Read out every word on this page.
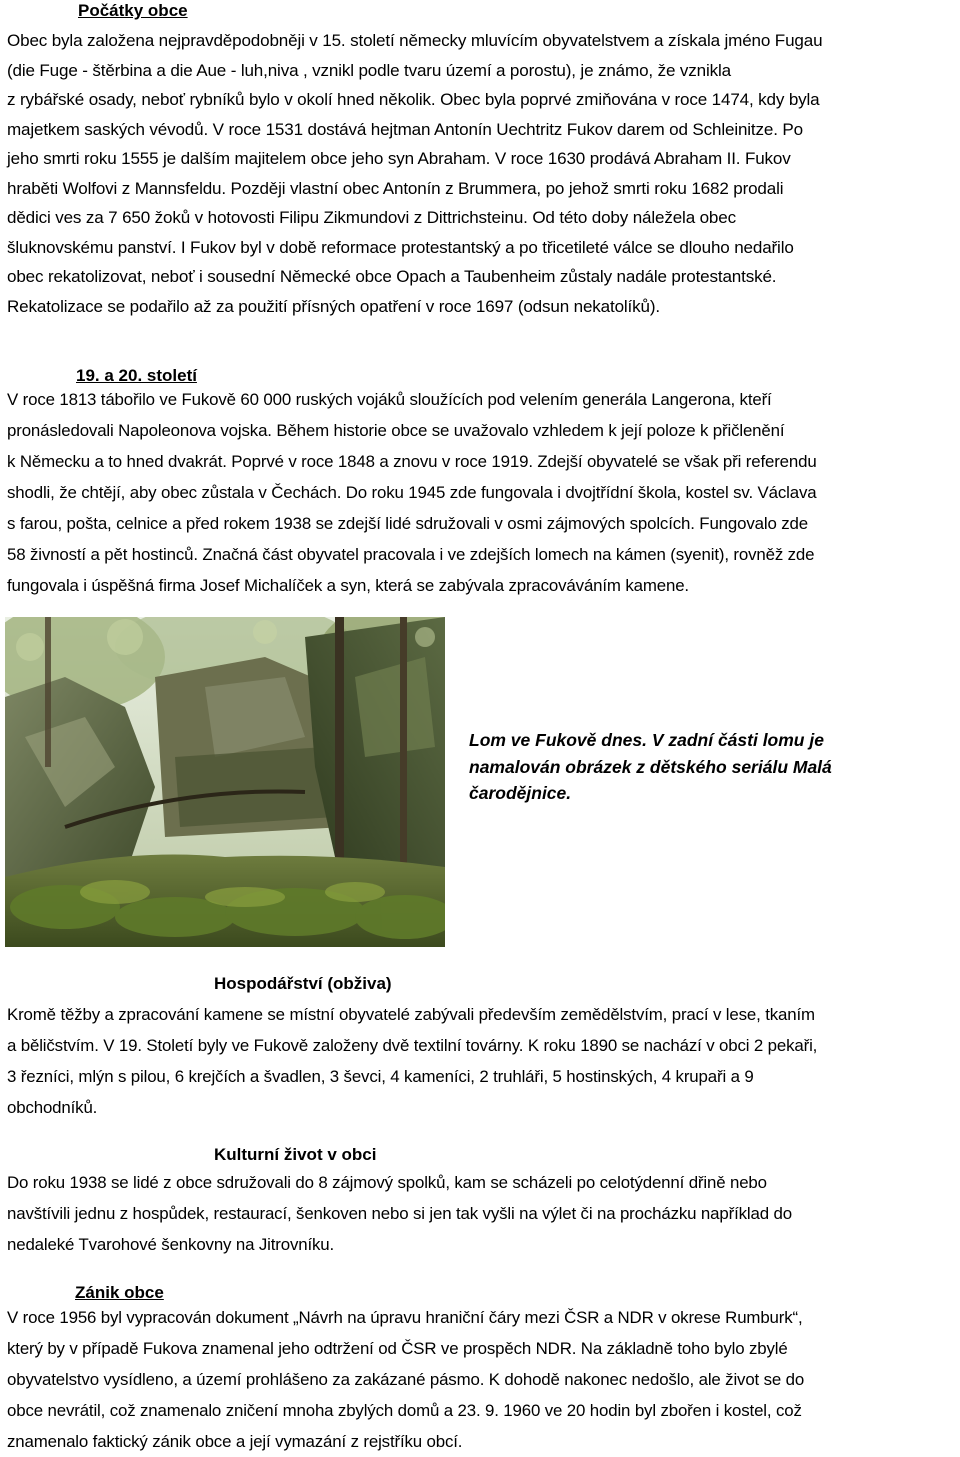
Počátky obce
Obec byla založena nejpravděpodobněji v 15. století německy mluvícím obyvatelstvem a získala jméno Fugau
(die Fuge - štěrbina a die Aue - luh,niva , vznikl podle tvaru území a porostu), je známo, že vznikla
z rybářské osady, neboť rybníků bylo v okolí hned několik. Obec byla poprvé zmiňována v roce 1474, kdy byla
majetkem saských vévodů. V roce 1531 dostává hejtman Antonín Uechtritz Fukov darem od Schleinitze. Po
jeho smrti roku 1555 je dalším majitelem obce jeho syn Abraham. V roce 1630 prodává Abraham II. Fukov
hraběti Wolfovi z Mannsfeldu. Později vlastní obec Antonín z Brummera, po jehož smrti roku 1682 prodali
dědici ves za 7 650 žoků v hotovosti Filipu Zikmundovi z Dittrichsteinu. Od této doby náležela obec
šluknovskému panství. I Fukov byl v době reformace protestantský a po třicetileté válce se dlouho nedařilo
obec rekatolizovat, neboť i sousední Německé obce Opach a Taubenheim zůstaly nadále protestantské.
Rekatolizace se podařilo až za použití přísných opatření v roce 1697 (odsun nekatolíků).
19. a 20. století
V roce 1813 tábořilo ve Fukově 60 000 ruských vojáků sloužících pod velením generála Langerona, kteří
pronásledovali Napoleonova vojska. Během historie obce se uvažovalo vzhledem k její poloze k přičlenění
k Německu a to hned dvakrát. Poprvé v roce 1848 a znovu v roce 1919. Zdejší obyvatelé se však při referendu
shodli, že chtějí, aby obec zůstala v Čechách. Do roku 1945 zde fungovala i dvojtřídní škola, kostel sv. Václava
s farou, pošta, celnice a před rokem 1938 se zdejší lidé sdružovali v osmi zájmových spolcích. Fungovalo zde
58 živností a pět hostinců. Značná část obyvatel pracovala i ve zdejších lomech na kámen (syenit), rovněž zde
fungovala i úspěšná firma Josef Michalíček a syn, která se zabývala zpracováváním kamene.
Lom ve Fukově dnes. V zadní části lomu je
namalován obrázek z dětského seriálu Malá
čarodějnice.
Hospodářství (obživa)
Kromě těžby a zpracování kamene se místní obyvatelé zabývali především zemědělstvím, prací v lese, tkaním
a běličstvím. V 19. Století byly ve Fukově založeny dvě textilní továrny. K roku 1890 se nachází v obci 2 pekaři,
3 řezníci, mlýn s pilou, 6 krejčích a švadlen, 3 ševci, 4 kameníci, 2 truhláři, 5 hostinských, 4 krupaři a 9
obchodníků.
Kulturní život v obci
Do roku 1938 se lidé z obce sdružovali do 8 zájmový spolků, kam se scházeli po celotýdenní dřině nebo
navštívili jednu z hospůdek, restaurací, šenkoven nebo si jen tak vyšli na výlet či na procházku například do
nedaleké Tvarohové šenkovny na Jitrovníku.
Zánik obce
V roce 1956 byl vypracován dokument „Návrh na úpravu hraniční čáry mezi ČSR a NDR v okrese Rumburk“,
který by v případě Fukova znamenal jeho odtržení od ČSR ve prospěch NDR. Na základně toho bylo zbylé
obyvatelstvo vysídleno, a území prohlášeno za zakázané pásmo. K dohodě nakonec nedošlo, ale život se do
obce nevrátil, což znamenalo zničení mnoha zbylých domů a 23. 9. 1960 ve 20 hodin byl zbořen i kostel, což
znamenalo faktický zánik obce a její vymazání z rejstříku obcí.
